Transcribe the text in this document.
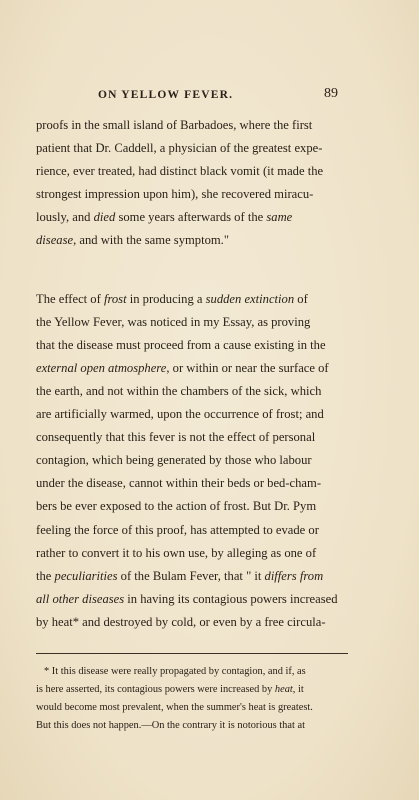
ON YELLOW FEVER.	89
proofs in the small island of Barbadoes, where the first
patient that Dr. Caddell, a physician of the greatest expe-
rience, ever treated, had distinct black vomit (it made the
strongest impression upon him), she recovered miracu-
lously, and died some years afterwards of the same
disease, and with the same symptom."
The effect of frost in producing a sudden extinction of
the Yellow Fever, was noticed in my Essay, as proving
that the disease must proceed from a cause existing in the
external open atmosphere, or within or near the surface of
the earth, and not within the chambers of the sick, which
are artificially warmed, upon the occurrence of frost; and
consequently that this fever is not the effect of personal
contagion, which being generated by those who labour
under the disease, cannot within their beds or bed-cham-
bers be ever exposed to the action of frost. But Dr. Pym
feeling the force of this proof, has attempted to evade or
rather to convert it to his own use, by alleging as one of
the peculiarities of the Bulam Fever, that " it differs from
all other diseases in having its contagious powers increased
by heat* and destroyed by cold, or even by a free circula-
* It this disease were really propagated by contagion, and if, as
is here asserted, its contagious powers were increased by heat, it
would become most prevalent, when the summer's heat is greatest.
But this does not happen.—On the contrary it is notorious that at
